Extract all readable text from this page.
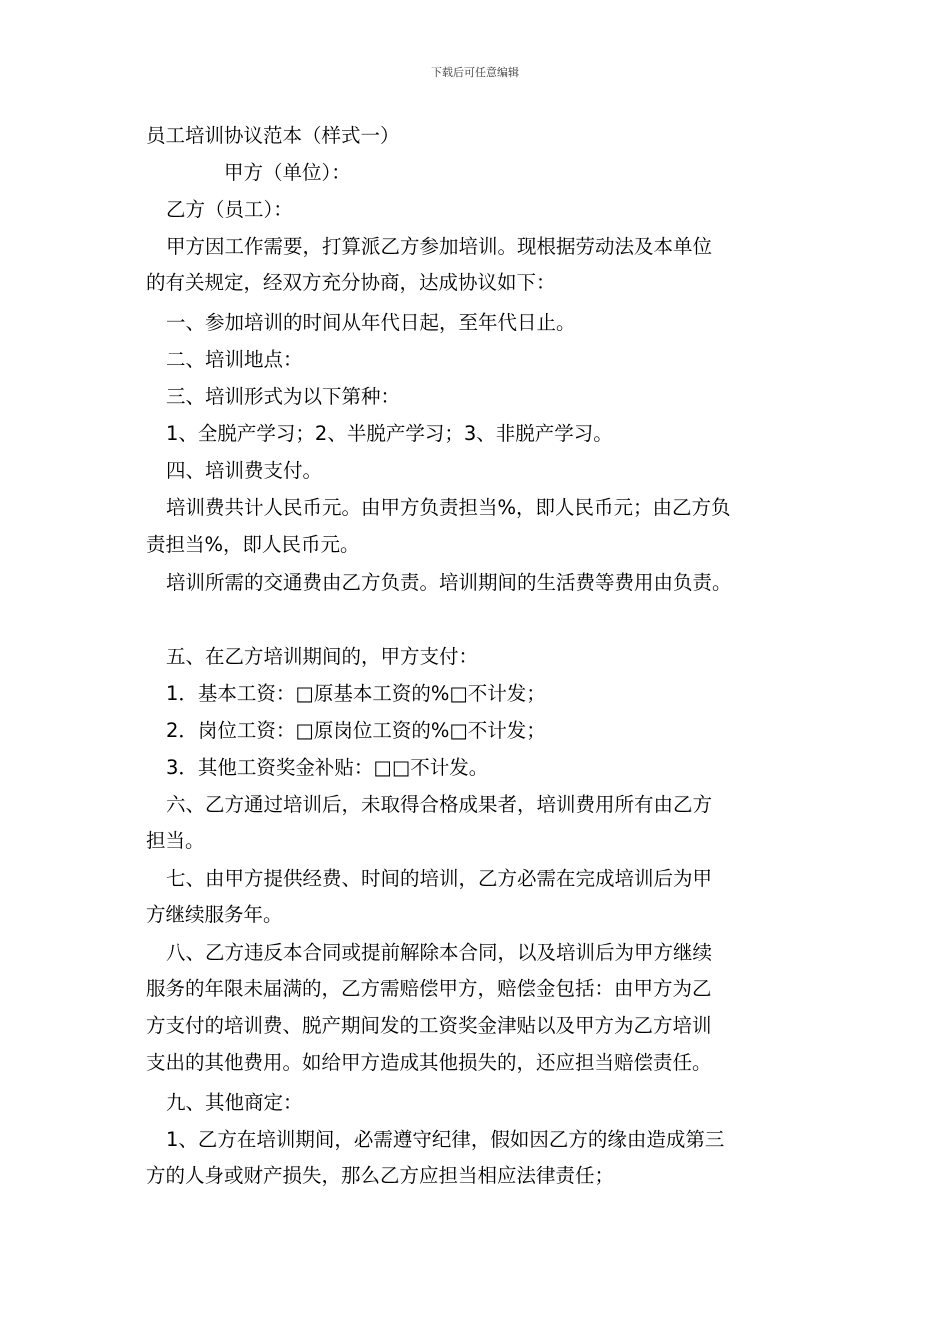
下载后可任意编辑
员工培训协议范本（样式一）
甲方（单位）：
乙方（员工）：
甲方因工作需要，打算派乙方参加培训。现根据劳动法及本单位
的有关规定，经双方充分协商，达成协议如下：
一、参加培训的时间从年代日起，至年代日止。
二、培训地点：
三、培训形式为以下第种：
1、全脱产学习；2、半脱产学习；3、非脱产学习。
四、培训费支付。
培训费共计人民币元。由甲方负责担当%，即人民币元；由乙方负
责担当%，即人民币元。
培训所需的交通费由乙方负责。培训期间的生活费等费用由负责。
五、在乙方培训期间的，甲方支付：
1．基本工资：□原基本工资的%□不计发；
2．岗位工资：□原岗位工资的%□不计发；
3．其他工资奖金补贴：□□不计发。
六、乙方通过培训后，未取得合格成果者，培训费用所有由乙方
担当。
七、由甲方提供经费、时间的培训，乙方必需在完成培训后为甲
方继续服务年。
八、乙方违反本合同或提前解除本合同，以及培训后为甲方继续
服务的年限未届满的，乙方需赔偿甲方，赔偿金包括：由甲方为乙
方支付的培训费、脱产期间发的工资奖金津贴以及甲方为乙方培训
支出的其他费用。如给甲方造成其他损失的，还应担当赔偿责任。
九、其他商定：
1、乙方在培训期间，必需遵守纪律，假如因乙方的缘由造成第三
方的人身或财产损失，那么乙方应担当相应法律责任；
